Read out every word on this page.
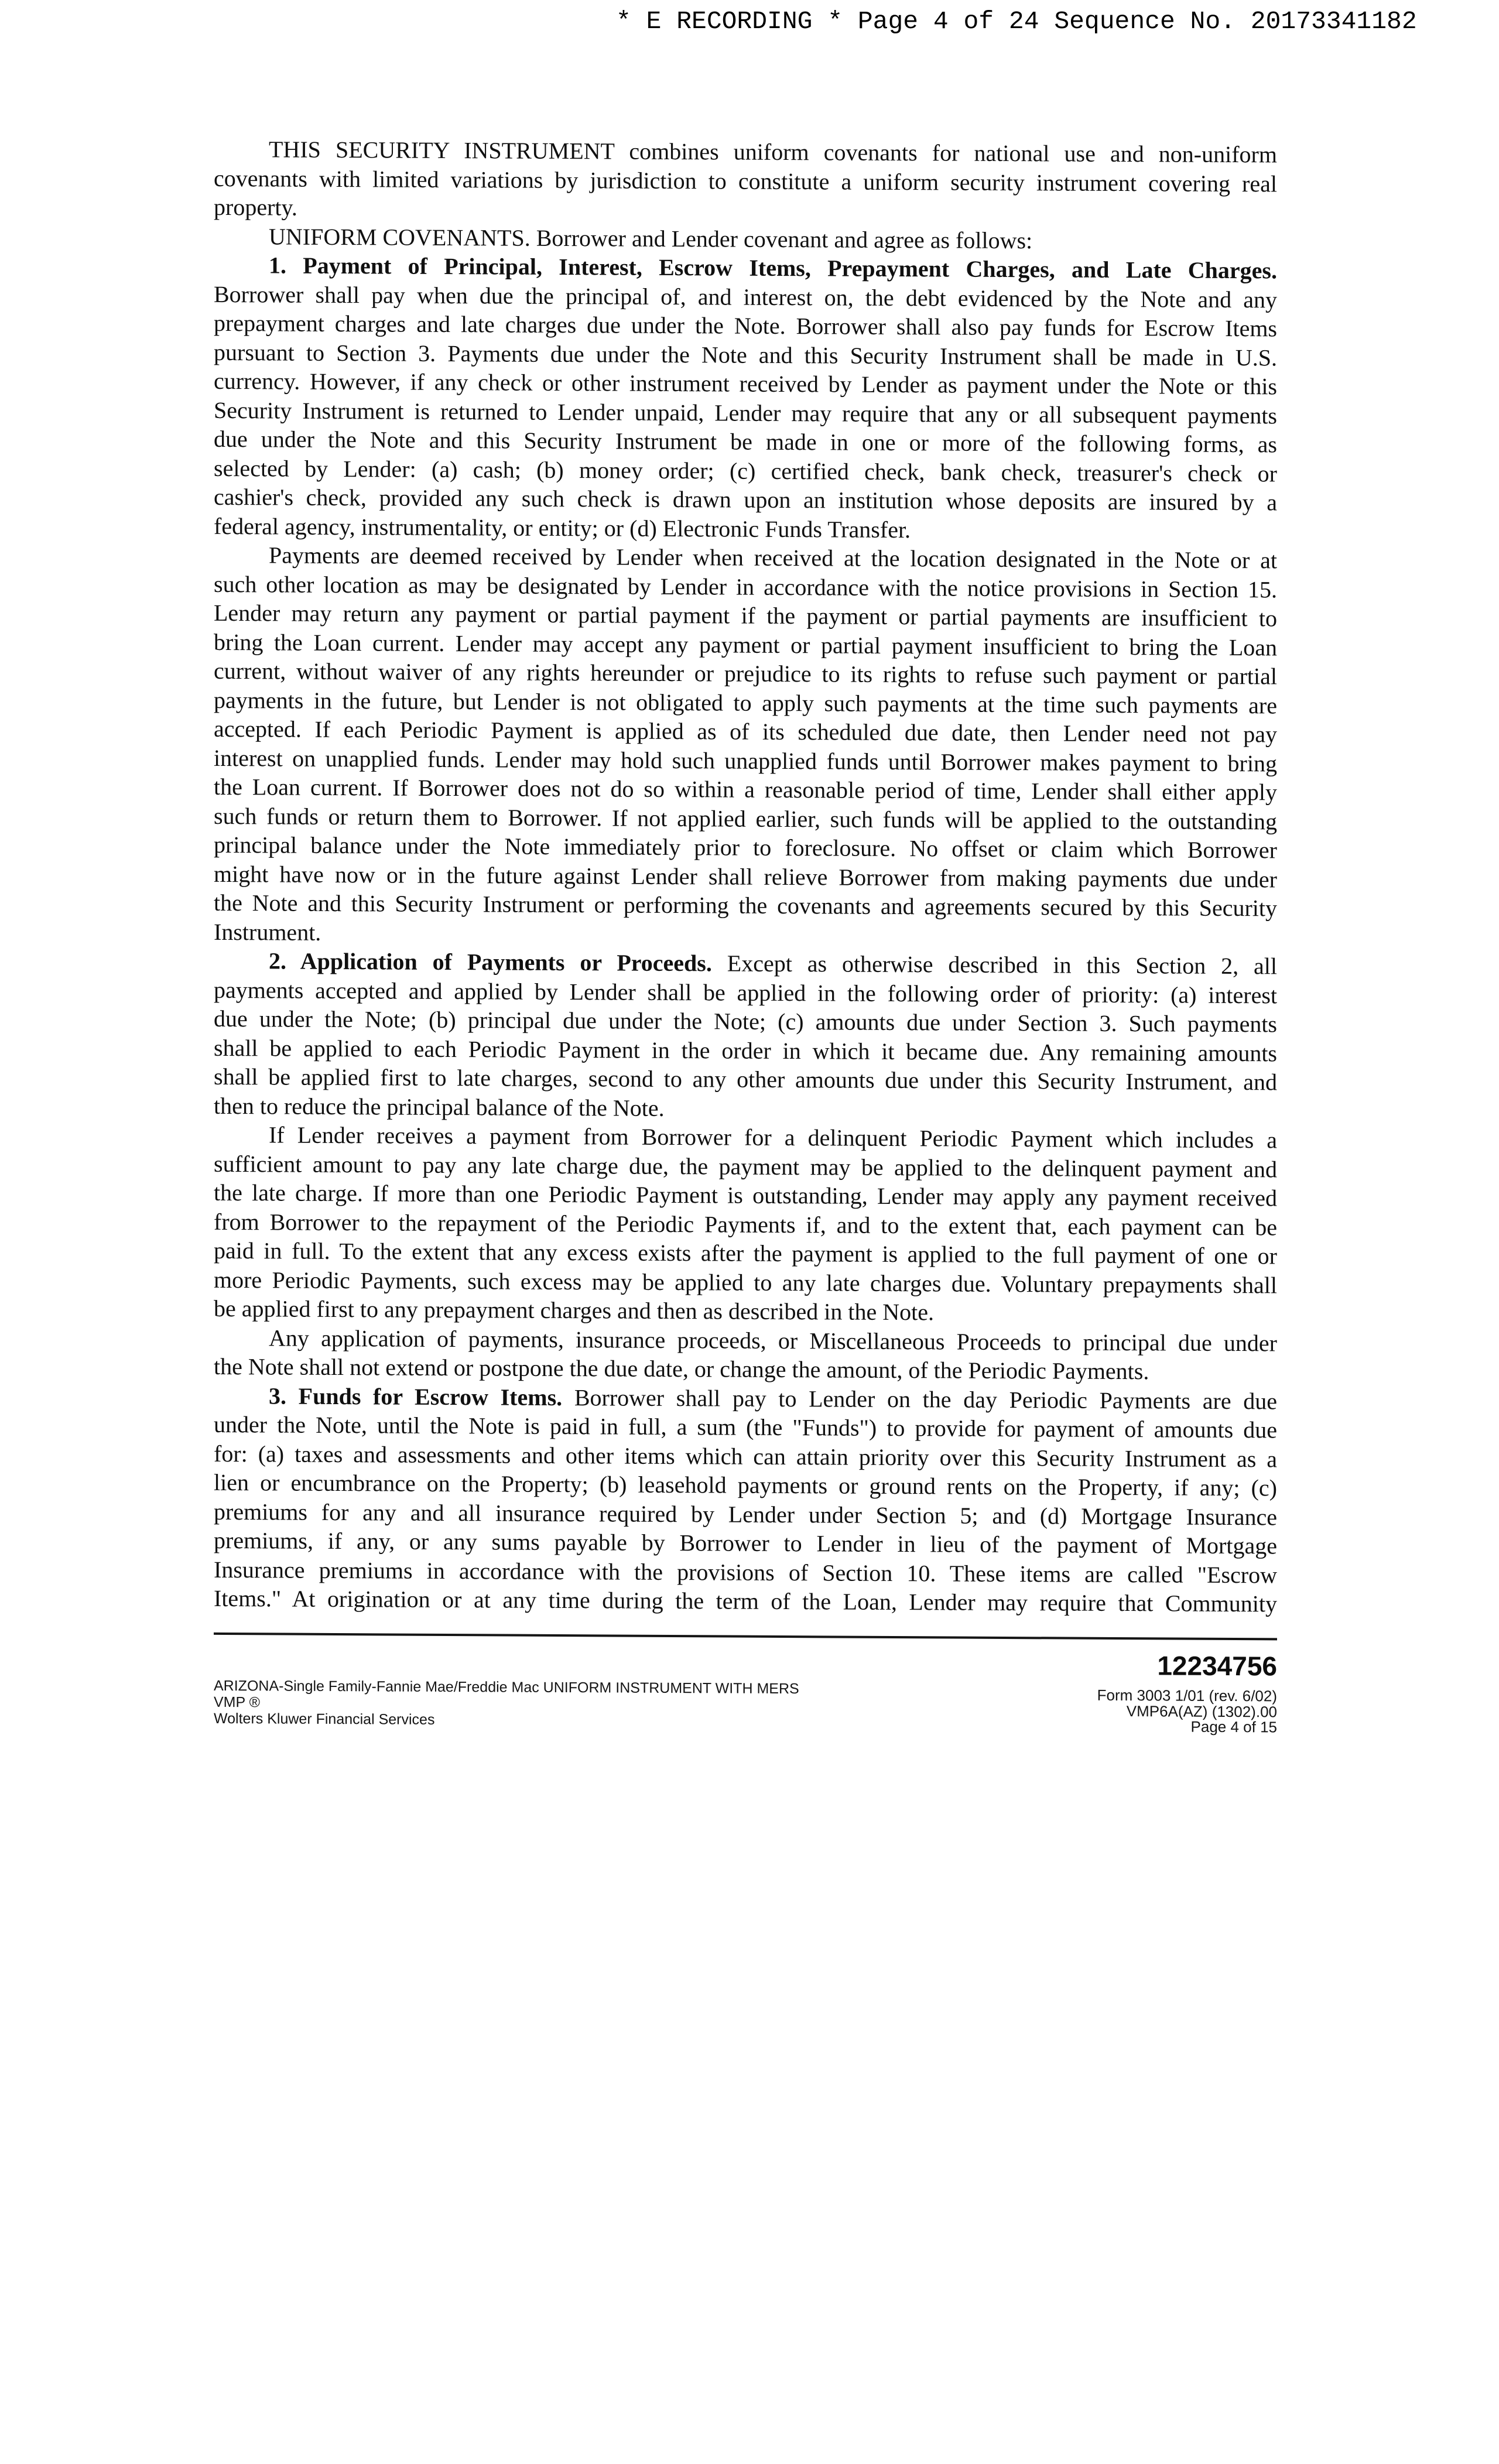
* E RECORDING * Page 4 of 24 Sequence No. 20173341182
THIS SECURITY INSTRUMENT combines uniform covenants for national use and non-uniform
covenants with limited variations by jurisdiction to constitute a uniform security instrument covering real
property.
UNIFORM COVENANTS. Borrower and Lender covenant and agree as follows:
1. Payment of Principal, Interest, Escrow Items, Prepayment Charges, and Late Charges.
Borrower shall pay when due the principal of, and interest on, the debt evidenced by the Note and any
prepayment charges and late charges due under the Note. Borrower shall also pay funds for Escrow Items
pursuant to Section 3. Payments due under the Note and this Security Instrument shall be made in U.S.
currency. However, if any check or other instrument received by Lender as payment under the Note or this
Security Instrument is returned to Lender unpaid, Lender may require that any or all subsequent payments
due under the Note and this Security Instrument be made in one or more of the following forms, as
selected by Lender: (a) cash; (b) money order; (c) certified check, bank check, treasurer's check or
cashier's check, provided any such check is drawn upon an institution whose deposits are insured by a
federal agency, instrumentality, or entity; or (d) Electronic Funds Transfer.
Payments are deemed received by Lender when received at the location designated in the Note or at
such other location as may be designated by Lender in accordance with the notice provisions in Section 15.
Lender may return any payment or partial payment if the payment or partial payments are insufficient to
bring the Loan current. Lender may accept any payment or partial payment insufficient to bring the Loan
current, without waiver of any rights hereunder or prejudice to its rights to refuse such payment or partial
payments in the future, but Lender is not obligated to apply such payments at the time such payments are
accepted. If each Periodic Payment is applied as of its scheduled due date, then Lender need not pay
interest on unapplied funds. Lender may hold such unapplied funds until Borrower makes payment to bring
the Loan current. If Borrower does not do so within a reasonable period of time, Lender shall either apply
such funds or return them to Borrower. If not applied earlier, such funds will be applied to the outstanding
principal balance under the Note immediately prior to foreclosure. No offset or claim which Borrower
might have now or in the future against Lender shall relieve Borrower from making payments due under
the Note and this Security Instrument or performing the covenants and agreements secured by this Security
Instrument.
2. Application of Payments or Proceeds. Except as otherwise described in this Section 2, all
payments accepted and applied by Lender shall be applied in the following order of priority: (a) interest
due under the Note; (b) principal due under the Note; (c) amounts due under Section 3. Such payments
shall be applied to each Periodic Payment in the order in which it became due. Any remaining amounts
shall be applied first to late charges, second to any other amounts due under this Security Instrument, and
then to reduce the principal balance of the Note.
If Lender receives a payment from Borrower for a delinquent Periodic Payment which includes a
sufficient amount to pay any late charge due, the payment may be applied to the delinquent payment and
the late charge. If more than one Periodic Payment is outstanding, Lender may apply any payment received
from Borrower to the repayment of the Periodic Payments if, and to the extent that, each payment can be
paid in full. To the extent that any excess exists after the payment is applied to the full payment of one or
more Periodic Payments, such excess may be applied to any late charges due. Voluntary prepayments shall
be applied first to any prepayment charges and then as described in the Note.
Any application of payments, insurance proceeds, or Miscellaneous Proceeds to principal due under
the Note shall not extend or postpone the due date, or change the amount, of the Periodic Payments.
3. Funds for Escrow Items. Borrower shall pay to Lender on the day Periodic Payments are due
under the Note, until the Note is paid in full, a sum (the "Funds") to provide for payment of amounts due
for: (a) taxes and assessments and other items which can attain priority over this Security Instrument as a
lien or encumbrance on the Property; (b) leasehold payments or ground rents on the Property, if any; (c)
premiums for any and all insurance required by Lender under Section 5; and (d) Mortgage Insurance
premiums, if any, or any sums payable by Borrower to Lender in lieu of the payment of Mortgage
Insurance premiums in accordance with the provisions of Section 10. These items are called "Escrow
Items." At origination or at any time during the term of the Loan, Lender may require that Community
ARIZONA-Single Family-Fannie Mae/Freddie Mac UNIFORM INSTRUMENT WITH MERS
VMP ®
Wolters Kluwer Financial Services
12234756
Form 3003 1/01 (rev. 6/02)
VMP6A(AZ) (1302).00
Page 4 of 15
